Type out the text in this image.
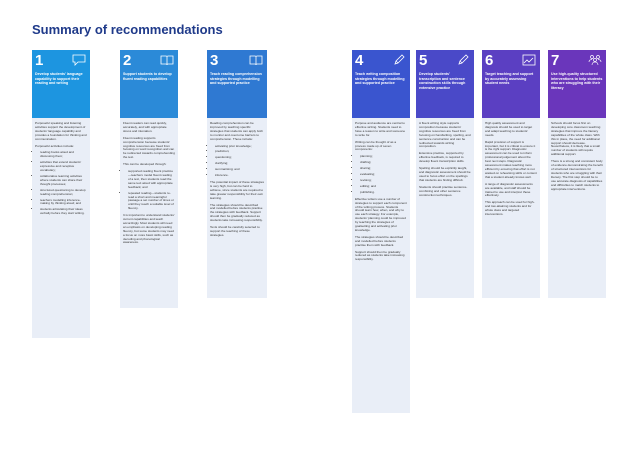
Summary of recommendations
1
Develop students' language capability to support their reading and writing

Purposeful speaking and listening activities support the development of students' language capability and provides a foundation for thinking and communication.

Purposeful activities include:

• reading books aloud and discussing them;
• activities that extend students' expressive and receptive vocabulary;
• collaborative learning activities where students can share their thought processes;
• structured questioning to develop reading comprehension;
• teachers modelling inference-making by thinking aloud; and
• students articulating their ideas verbally before they start writing.
2
Support students to develop fluent reading capabilities

Fluent readers can read quickly, accurately, and with appropriate stress and intonation.

Fluent reading supports comprehension because students' cognitive resources are freed from focusing on word recognition and can be redirected towards comprehending the text.

This can be developed through:

• supported reading fluent practice—teachers model fluent reading of a text, then students read the same text aloud with appropriate feedback; and
• repeated reading—students re-read a short and meaningful passage a set number of times or until they reach a suitable level of fluency.

It is important to understand students' current capabilities and teach accordingly. Most students will need an emphasis on developing reading fluency, but some students may need a focus on more basic skills, such as decoding and phonological awareness.

3
Teach reading comprehension strategies through modelling and supported practice

Reading comprehension can be improved by teaching specific strategies that students can apply both to monitor and overcome barriers to comprehension. These include:

• activating prior knowledge;
• prediction;
• questioning;
• clarifying;
• summarising; and
• inference.

The potential impact of these strategies is very high, but can be hard to achieve, since students are required to take greater responsibility for their own learning.

The strategies should be described and modelled before students practise the strategies with feedback. Support should then be gradually reduced as students take increasing responsibility.

Texts should be carefully selected to support the teaching of these strategies.

4
Teach writing composition strategies through modelling and supported practice

Purpose and audience are central to effective writing. Students need to have a reason to write and someone to write for.

Writing can be thought of as a process made up of seven components:

• planning;
• drafting;
• sharing;
• evaluating;
• revising;
• editing; and
• publishing.

Effective writers use a number of strategies to support each component of the writing process. Students should learn how, when, and why to use each strategy. For example, students' planning could be improved by teaching the strategies of goalsetting and activating prior knowledge.

The strategies should be described and modelled before students practise them with feedback.

Support should then be gradually reduced as students take increasing responsibility.

5
Develop students' transcription and sentence construction skills through extensive practice

A fluent writing style supports composition because students' cognitive resources are freed from focusing on handwriting, spelling, and sentence construction and can be redirected towards writing composition.

Extensive practice, supported by effective feedback, is required to develop fluent transcription skills.

Spelling should be explicitly taught, and diagnostic assessment should be used to focus effort on the spellings that students are finding difficult.

Students should practise sentence-combining and other sentence construction techniques.

6
Target teaching and support by accurately assessing student needs

High quality assessment and diagnosis should be used to target and adapt teaching to students' needs.

Rapid provision of support is important, but it is critical to ensure it is the right support. Diagnostic assessment can be used to inform professional judgement about the best next steps. Diagnostic assessment makes teaching more efficient by ensuring that effort is not wasted on rehearsing skills or content that a student already knows well.

A range of diagnostic assessments are available, and staff should be trained to use and interpret these effectively.

This approach can be used for high- and low-attaining students and for whole class and targeted interventions.

7
Use high-quality structured interventions to help students who are struggling with their literacy

Schools should focus first on developing core classroom teaching strategies that improve the literacy capabilities of the whole class. With this in place, the need for additional support should decrease. Nevertheless, it is likely that a small number of students will require additional support.

There is a strong and consistent body of evidence demonstrating the benefit of structured interventions for students who are struggling with their literacy. The first step should be to use accurate diagnosis of capabilities and difficulties to match students to appropriate interventions.
